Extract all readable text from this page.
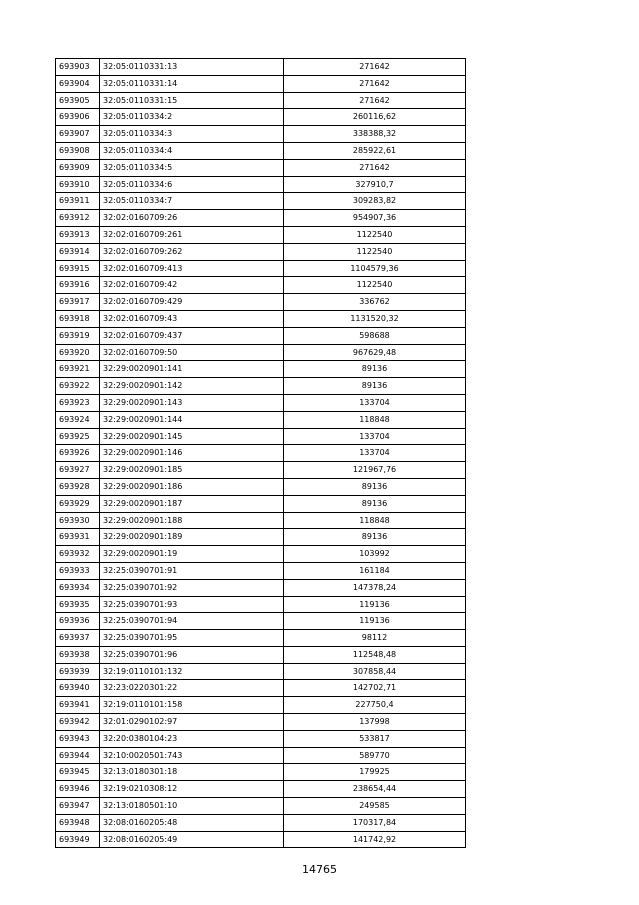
693903	32:05:0110331:13	271642
693904	32:05:0110331:14	271642
693905	32:05:0110331:15	271642
693906	32:05:0110334:2	260116,62
693907	32:05:0110334:3	338388,32
693908	32:05:0110334:4	285922,61
693909	32:05:0110334:5	271642
693910	32:05:0110334:6	327910,7
693911	32:05:0110334:7	309283,82
693912	32:02:0160709:26	954907,36
693913	32:02:0160709:261	1122540
693914	32:02:0160709:262	1122540
693915	32:02:0160709:413	1104579,36
693916	32:02:0160709:42	1122540
693917	32:02:0160709:429	336762
693918	32:02:0160709:43	1131520,32
693919	32:02:0160709:437	598688
693920	32:02:0160709:50	967629,48
693921	32:29:0020901:141	89136
693922	32:29:0020901:142	89136
693923	32:29:0020901:143	133704
693924	32:29:0020901:144	118848
693925	32:29:0020901:145	133704
693926	32:29:0020901:146	133704
693927	32:29:0020901:185	121967,76
693928	32:29:0020901:186	89136
693929	32:29:0020901:187	89136
693930	32:29:0020901:188	118848
693931	32:29:0020901:189	89136
693932	32:29:0020901:19	103992
693933	32:25:0390701:91	161184
693934	32:25:0390701:92	147378,24
693935	32:25:0390701:93	119136
693936	32:25:0390701:94	119136
693937	32:25:0390701:95	98112
693938	32:25:0390701:96	112548,48
693939	32:19:0110101:132	307858,44
693940	32:23:0220301:22	142702,71
693941	32:19:0110101:158	227750,4
693942	32:01:0290102:97	137998
693943	32:20:0380104:23	533817
693944	32:10:0020501:743	589770
693945	32:13:0180301:18	179925
693946	32:19:0210308:12	238654,44
693947	32:13:0180501:10	249585
693948	32:08:0160205:48	170317,84
693949	32:08:0160205:49	141742,92
14765
